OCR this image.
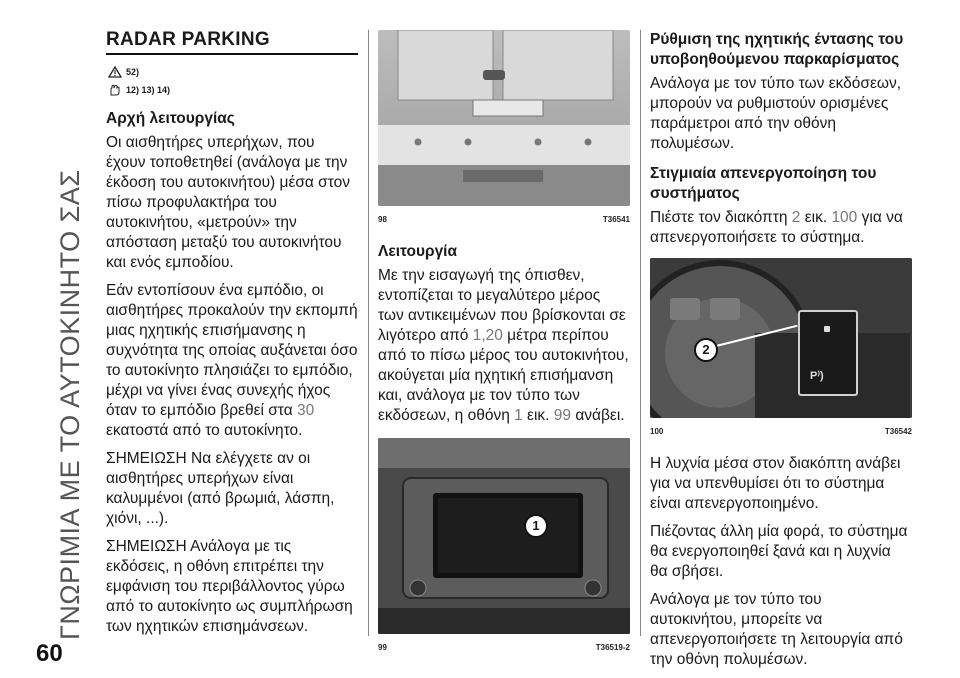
ΓΝΩΡΙΜΙΑ ΜΕ ΤΟ ΑΥΤΟΚΙΝΗΤΟ ΣΑΣ
60
RADAR PARKING
52)
12) 13) 14)
Αρχή λειτουργίας

Οι αισθητήρες υπερήχων, που έχουν τοποθετηθεί (ανάλογα με την έκδοση του αυτοκινήτου) μέσα στον πίσω προφυλακτήρα του αυτοκινήτου, «μετρούν» την απόσταση μεταξύ του αυτοκινήτου και ενός εμποδίου.

Εάν εντοπίσουν ένα εμπόδιο, οι αισθητήρες προκαλούν την εκπομπή μιας ηχητικής επισήμανσης η συχνότητα της οποίας αυξάνεται όσο το αυτοκίνητο πλησιάζει το εμπόδιο, μέχρι να γίνει ένας συνεχής ήχος όταν το εμπόδιο βρεθεί στα 30 εκατοστά από το αυτοκίνητο.

ΣΗΜΕΙΩΣΗ Να ελέγχετε αν οι αισθητήρες υπερήχων είναι καλυμμένοι (από βρωμιά, λάσπη, χιόνι, ...).

ΣΗΜΕΙΩΣΗ Ανάλογα με τις εκδόσεις, η οθόνη επιτρέπει την εμφάνιση του περιβάλλοντος γύρω από το αυτοκίνητο ως συμπλήρωση των ηχητικών επισημάνσεων.

98	T36541
Λειτουργία

Με την εισαγωγή της όπισθεν, εντοπίζεται το μεγαλύτερο μέρος των αντικειμένων που βρίσκονται σε λιγότερο από 1,20 μέτρα περίπου από το πίσω μέρος του αυτοκινήτου, ακούγεται μία ηχητική επισήμανση και, ανάλογα με τον τύπο των εκδόσεων, η οθόνη 1 εικ. 99 ανάβει.

1
99	T36519-2
Ρύθμιση της ηχητικής έντασης του υποβοηθούμενου παρκαρίσματος

Ανάλογα με τον τύπο των εκδόσεων, μπορούν να ρυθμιστούν ορισμένες παράμετροι από την οθόνη πολυμέσων.

Στιγμιαία απενεργοποίηση του συστήματος

Πιέστε τον διακόπτη 2 εικ. 100 για να απενεργοποιήσετε το σύστημα.

P⁾)
2
100	T36542

Η λυχνία μέσα στον διακόπτη ανάβει για να υπενθυμίσει ότι το σύστημα είναι απενεργοποιημένο.

Πιέζοντας άλλη μία φορά, το σύστημα θα ενεργοποιηθεί ξανά και η λυχνία θα σβήσει.

Ανάλογα με τον τύπο του αυτοκινήτου, μπορείτε να απενεργοποιήσετε τη λειτουργία από την οθόνη πολυμέσων.
